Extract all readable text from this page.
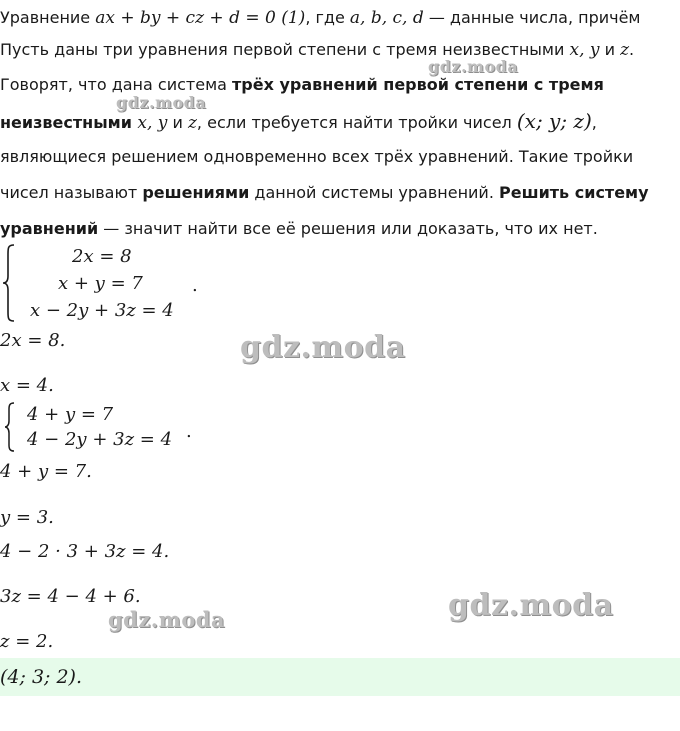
Уравнение ax + by + cz + d = 0 (1), где a, b, c, d — данные числа, причём
Пусть даны три уравнения первой степени с тремя неизвестными x, y и z.
Говорят, что дана система трёх уравнений первой степени с тремя
неизвестными x, y и z, если требуется найти тройки чисел (x; y; z),
являющиеся решением одновременно всех трёх уравнений. Такие тройки
чисел называют решениями данной системы уравнений. Решить систему
уравнений — значит найти все её решения или доказать, что их нет.
2x = 8
x + y = 7
x − 2y + 3z = 4
.
2x = 8.
x = 4.
4 + y = 7
4 − 2y + 3z = 4 .
4 + y = 7.
y = 3.
4 − 2 · 3 + 3z = 4.
3z = 4 − 4 + 6.
z = 2.
(4; 3; 2).
gdz.moda
gdz.moda
gdz.moda
gdz.moda	gdz.moda
